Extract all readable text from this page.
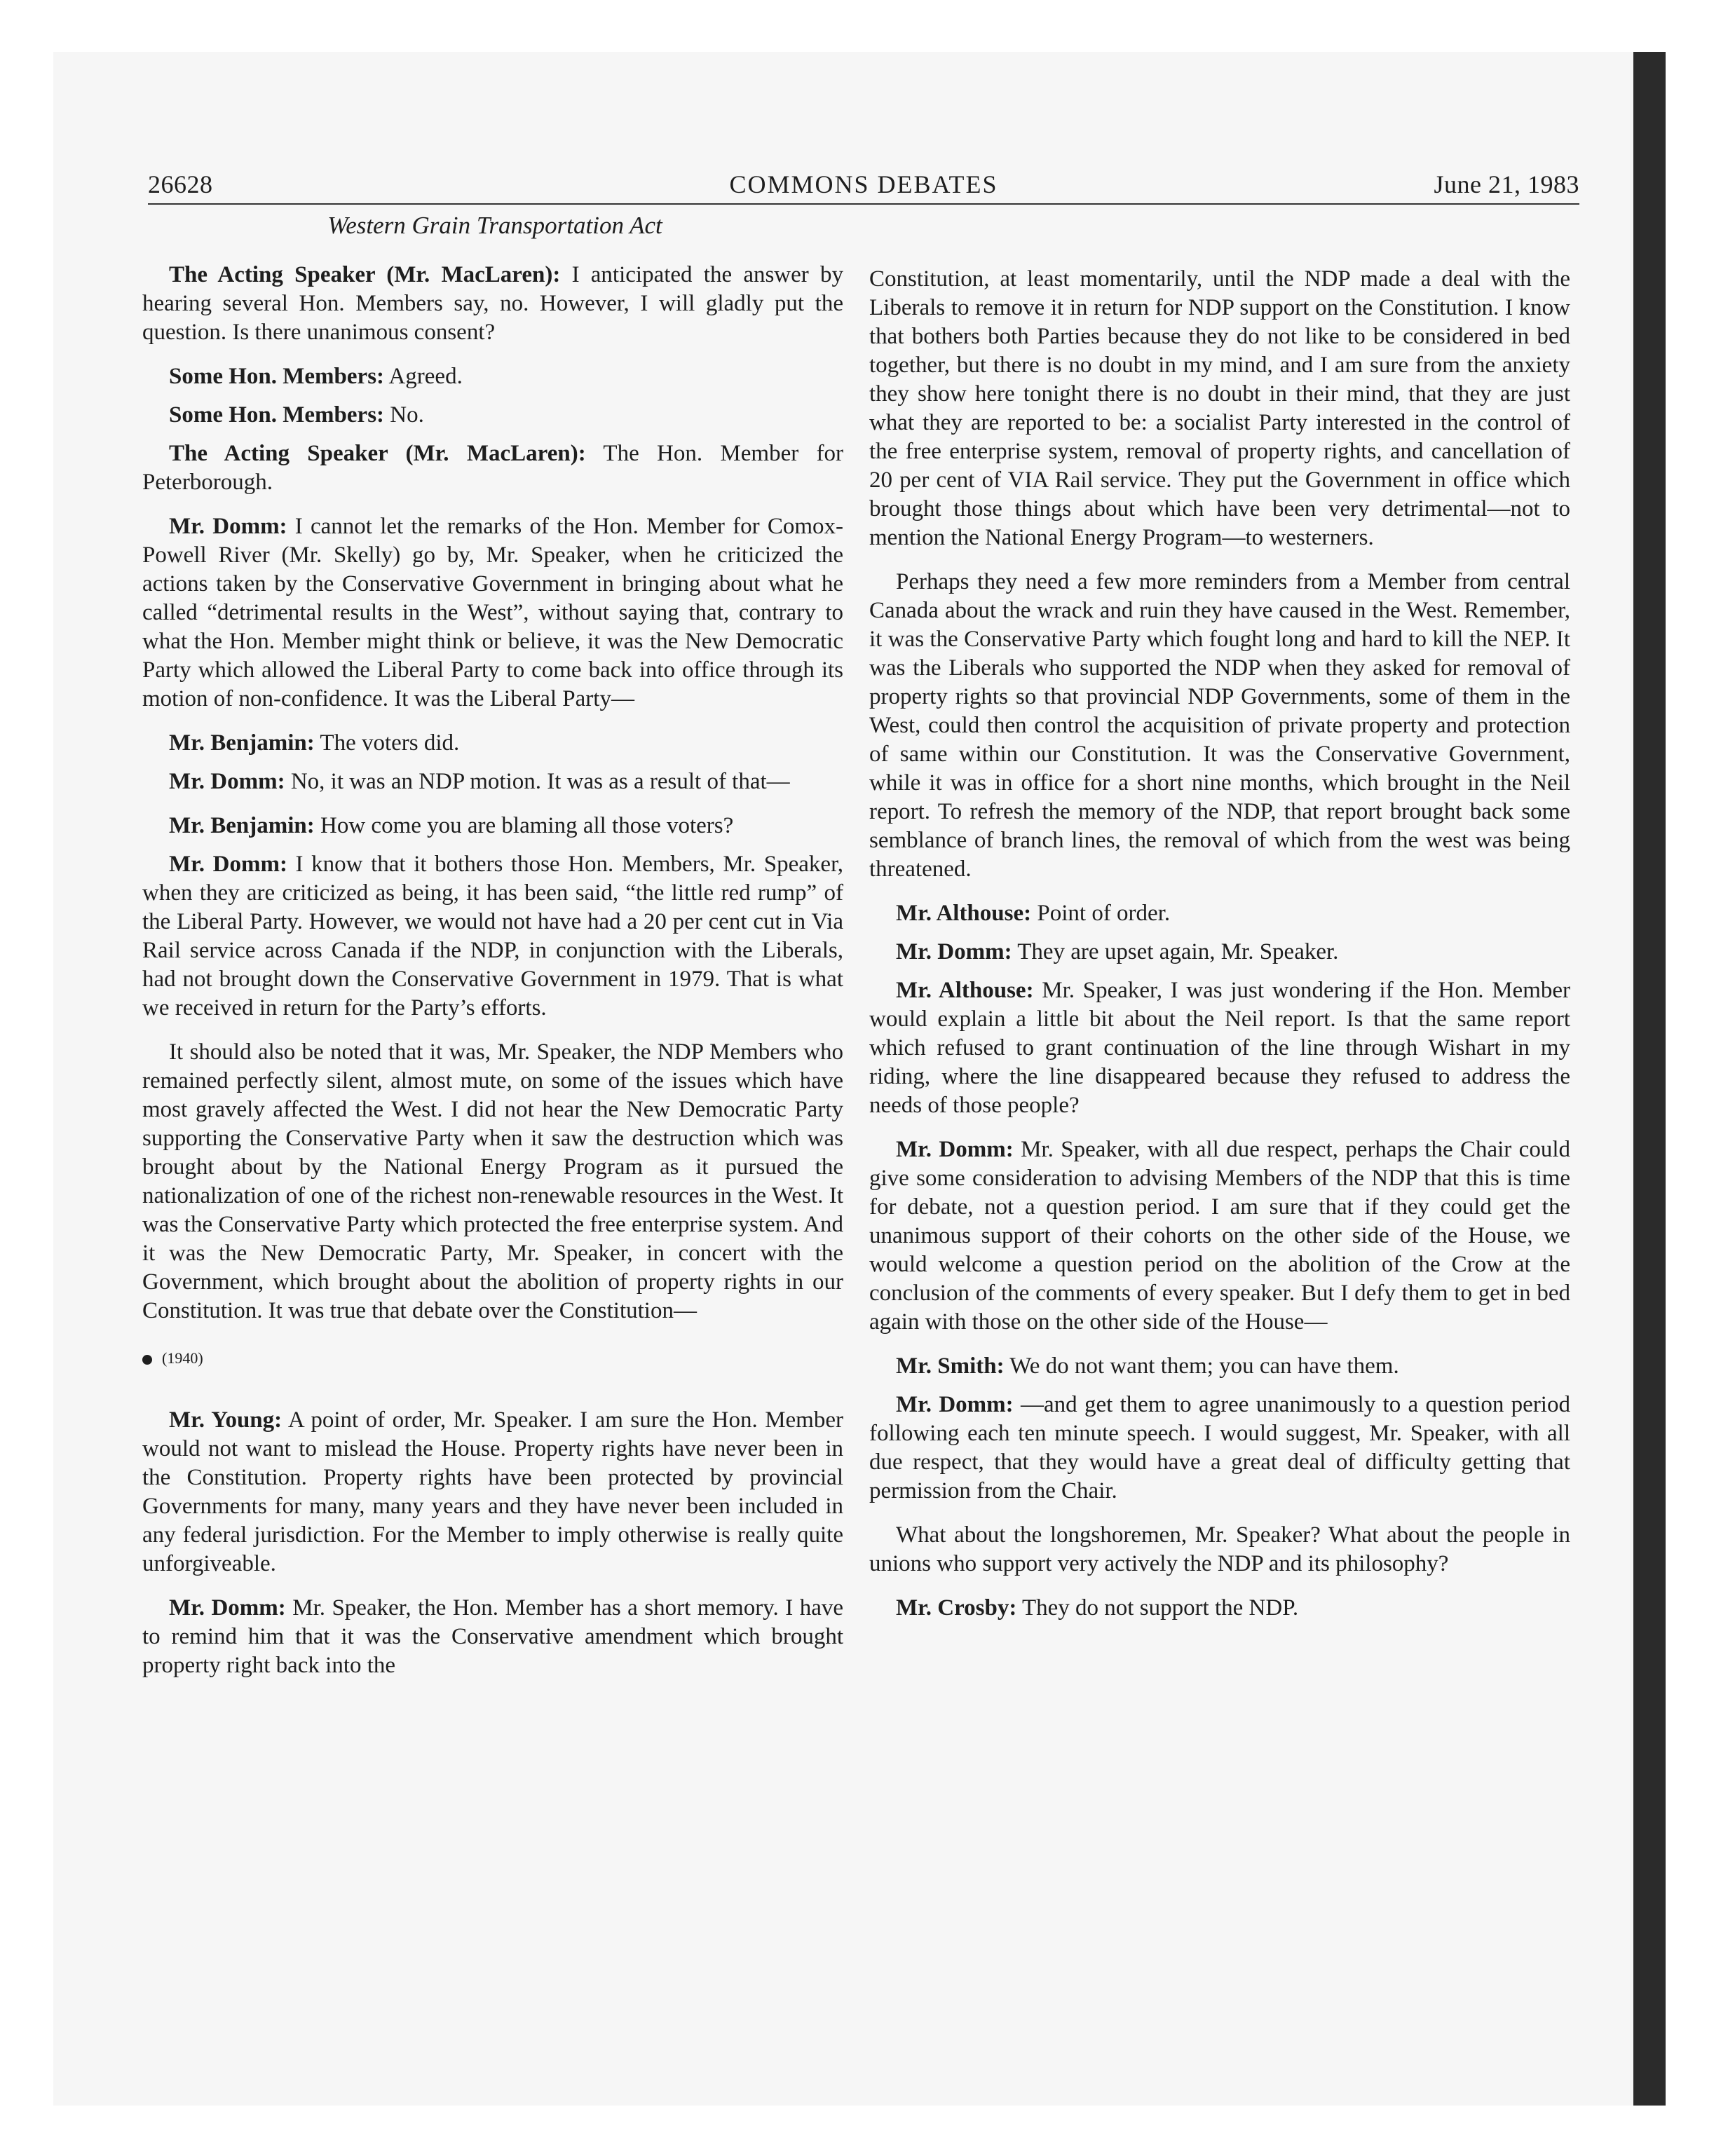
26628	COMMONS DEBATES	June 21, 1983
Western Grain Transportation Act

The Acting Speaker (Mr. MacLaren): I anticipated the answer by hearing several Hon. Members say, no. However, I will gladly put the question. Is there unanimous consent?

Some Hon. Members: Agreed.

Some Hon. Members: No.

The Acting Speaker (Mr. MacLaren): The Hon. Member for Peterborough.

Mr. Domm: I cannot let the remarks of the Hon. Member for Comox-Powell River (Mr. Skelly) go by, Mr. Speaker, when he criticized the actions taken by the Conservative Government in bringing about what he called “detrimental results in the West”, without saying that, contrary to what the Hon. Member might think or believe, it was the New Democratic Party which allowed the Liberal Party to come back into office through its motion of non-confidence. It was the Liberal Party—

Mr. Benjamin: The voters did.

Mr. Domm: No, it was an NDP motion. It was as a result of that—

Mr. Benjamin: How come you are blaming all those voters?

Mr. Domm: I know that it bothers those Hon. Members, Mr. Speaker, when they are criticized as being, it has been said, “the little red rump” of the Liberal Party. However, we would not have had a 20 per cent cut in Via Rail service across Canada if the NDP, in conjunction with the Liberals, had not brought down the Conservative Government in 1979. That is what we received in return for the Party’s efforts.

It should also be noted that it was, Mr. Speaker, the NDP Members who remained perfectly silent, almost mute, on some of the issues which have most gravely affected the West. I did not hear the New Democratic Party supporting the Conservative Party when it saw the destruction which was brought about by the National Energy Program as it pursued the nationalization of one of the richest non-renewable resources in the West. It was the Conservative Party which protected the free enterprise system. And it was the New Democratic Party, Mr. Speaker, in concert with the Government, which brought about the abolition of property rights in our Constitution. It was true that debate over the Constitution—

(1940)

Mr. Young: A point of order, Mr. Speaker. I am sure the Hon. Member would not want to mislead the House. Property rights have never been in the Constitution. Property rights have been protected by provincial Governments for many, many years and they have never been included in any federal jurisdiction. For the Member to imply otherwise is really quite unforgiveable.

Mr. Domm: Mr. Speaker, the Hon. Member has a short memory. I have to remind him that it was the Conservative amendment which brought property right back into the

Constitution, at least momentarily, until the NDP made a deal with the Liberals to remove it in return for NDP support on the Constitution. I know that bothers both Parties because they do not like to be considered in bed together, but there is no doubt in my mind, and I am sure from the anxiety they show here tonight there is no doubt in their mind, that they are just what they are reported to be: a socialist Party interested in the control of the free enterprise system, removal of property rights, and cancellation of 20 per cent of VIA Rail service. They put the Government in office which brought those things about which have been very detrimental—not to mention the National Energy Program—to westerners.

Perhaps they need a few more reminders from a Member from central Canada about the wrack and ruin they have caused in the West. Remember, it was the Conservative Party which fought long and hard to kill the NEP. It was the Liberals who supported the NDP when they asked for removal of property rights so that provincial NDP Governments, some of them in the West, could then control the acquisition of private property and protection of same within our Constitution. It was the Conservative Government, while it was in office for a short nine months, which brought in the Neil report. To refresh the memory of the NDP, that report brought back some semblance of branch lines, the removal of which from the west was being threatened.

Mr. Althouse: Point of order.

Mr. Domm: They are upset again, Mr. Speaker.

Mr. Althouse: Mr. Speaker, I was just wondering if the Hon. Member would explain a little bit about the Neil report. Is that the same report which refused to grant continuation of the line through Wishart in my riding, where the line disappeared because they refused to address the needs of those people?

Mr. Domm: Mr. Speaker, with all due respect, perhaps the Chair could give some consideration to advising Members of the NDP that this is time for debate, not a question period. I am sure that if they could get the unanimous support of their cohorts on the other side of the House, we would welcome a question period on the abolition of the Crow at the conclusion of the comments of every speaker. But I defy them to get in bed again with those on the other side of the House—

Mr. Smith: We do not want them; you can have them.

Mr. Domm: —and get them to agree unanimously to a question period following each ten minute speech. I would suggest, Mr. Speaker, with all due respect, that they would have a great deal of difficulty getting that permission from the Chair.

What about the longshoremen, Mr. Speaker? What about the people in unions who support very actively the NDP and its philosophy?

Mr. Crosby: They do not support the NDP.
